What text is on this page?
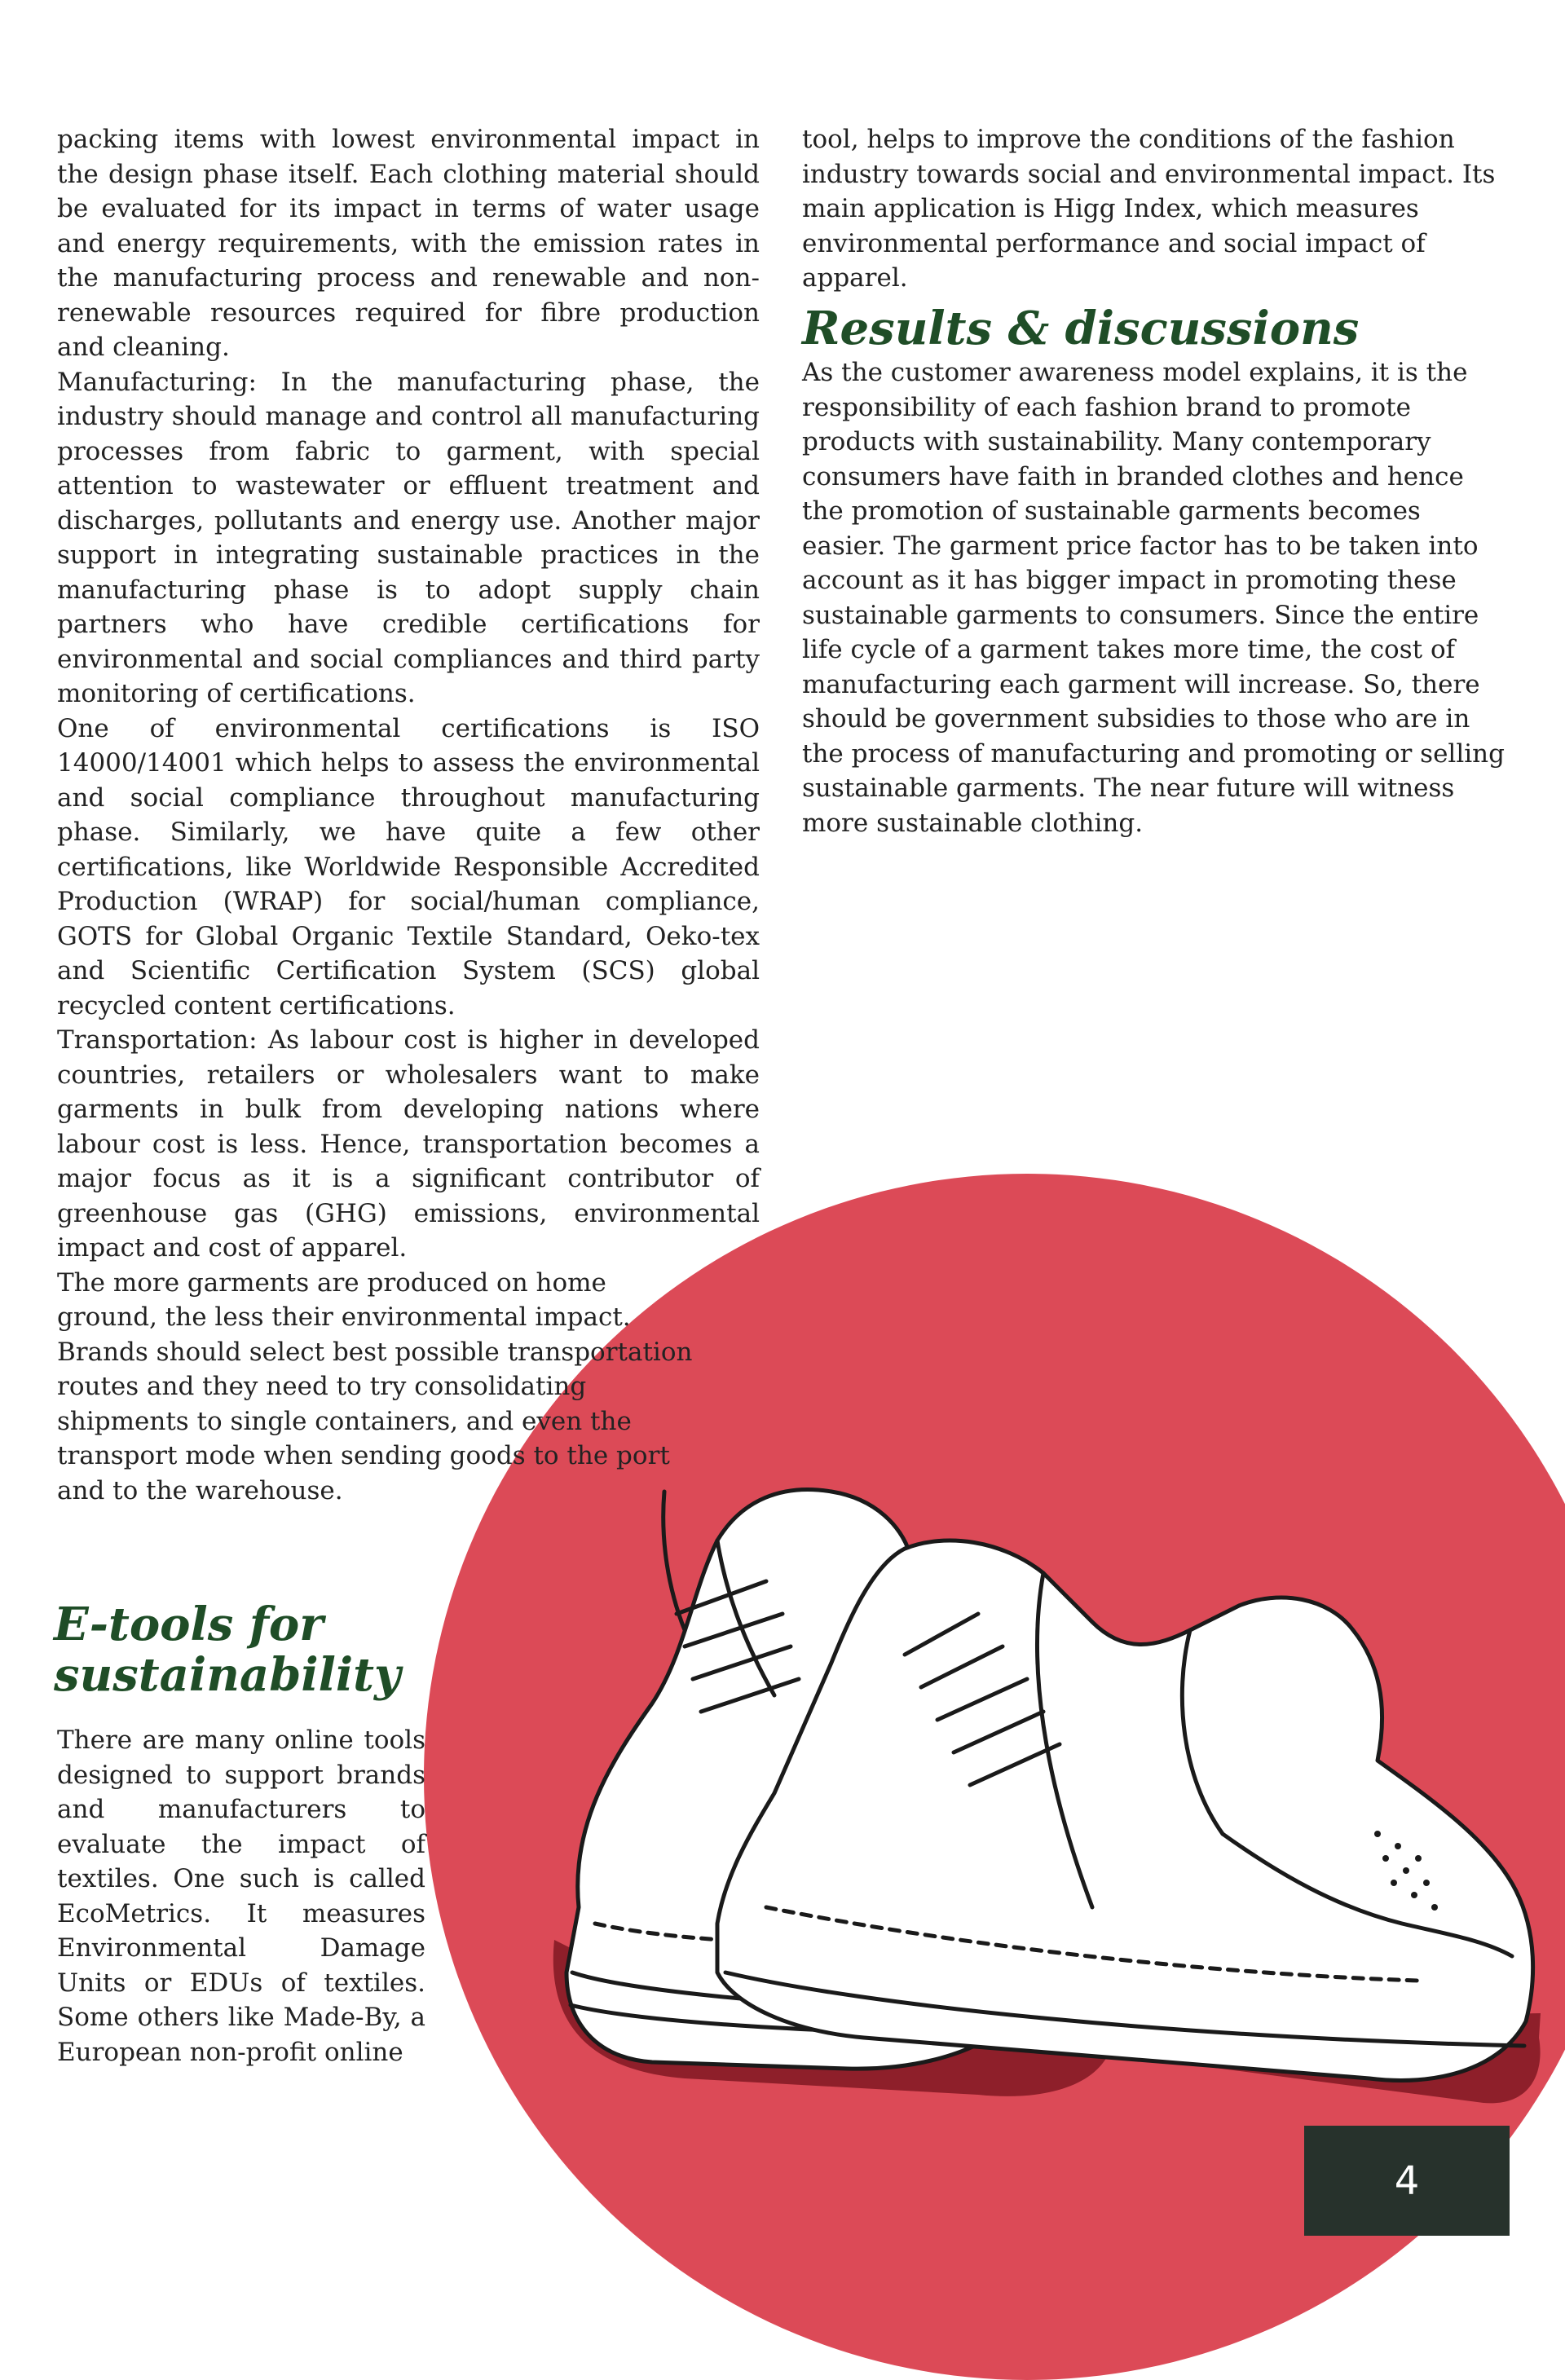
packing items with lowest environmental impact in the design phase itself. Each clothing material should be evaluated for its impact in terms of water usage and energy requirements, with the emission rates in the manufacturing process and renewable and non-renewable resources required for fibre production and cleaning.

Manufacturing: In the manufacturing phase, the industry should manage and control all manufacturing processes from fabric to garment, with special attention to wastewater or effluent treatment and discharges, pollutants and energy use. Another major support in integrating sustainable practices in the manufacturing phase is to adopt supply chain partners who have credible certifications for environmental and social compliances and third party monitoring of certifications.

One of environmental certifications is ISO 14000/14001 which helps to assess the environmental and social compliance throughout manufacturing phase. Similarly, we have quite a few other certifications, like Worldwide Responsible Accredited Production (WRAP) for social/human compliance, GOTS for Global Organic Textile Standard, Oeko-tex and Scientific Certification System (SCS) global recycled content certifications.

Transportation: As labour cost is higher in developed countries, retailers or wholesalers want to make garments in bulk from developing nations where labour cost is less. Hence, transportation becomes a major focus as it is a significant contributor of greenhouse gas (GHG) emissions, environmental impact and cost of apparel.

The more garments are produced on home ground, the less their environmental impact. Brands should select best possible transportation routes and they need to try consolidating shipments to single containers, and even the transport mode when sending goods to the port and to the warehouse.

tool, helps to improve the conditions of the fashion industry towards social and environmental impact. Its main application is Higg Index, which measures environmental performance and social impact of apparel.

Results & discussions

As the customer awareness model explains, it is the responsibility of each fashion brand to promote products with sustainability. Many contemporary consumers have faith in branded clothes and hence the promotion of sustainable garments becomes easier. The garment price factor has to be taken into account as it has bigger impact in promoting these sustainable garments to consumers. Since the entire life cycle of a garment takes more time, the cost of manufacturing each garment will increase. So, there should be government subsidies to those who are in the process of manufacturing and promoting or selling sustainable garments. The near future will witness more sustainable clothing.

E-tools for sustainability

There are many online tools designed to support brands and manufacturers to evaluate the impact of textiles. One such is called EcoMetrics. It measures Environmental Damage Units or EDUs of textiles. Some others like Made-By, a European non-profit online

4
